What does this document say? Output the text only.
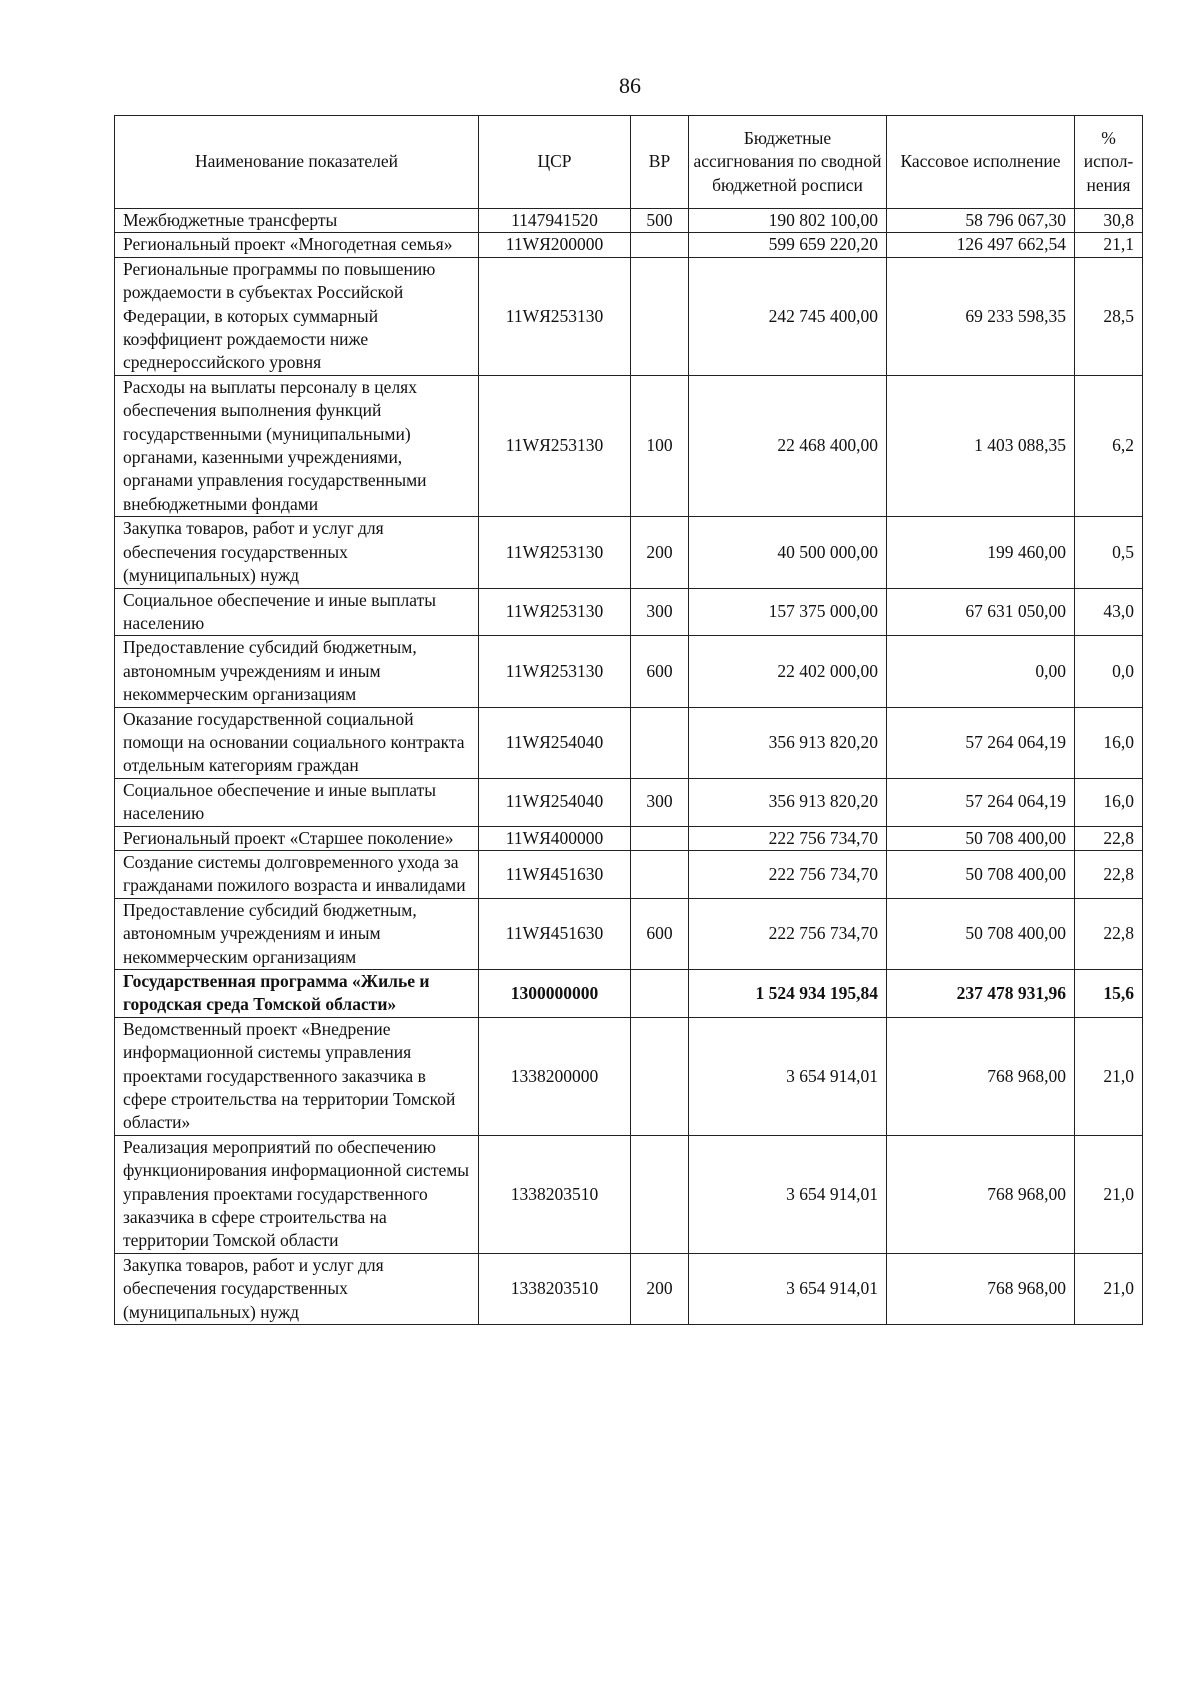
86
Наименование показателей	ЦСР	ВР	Бюджетные ассигнования по сводной бюджетной росписи	Кассовое исполнение	% испол- нения
Межбюджетные трансферты	1147941520	500	190 802 100,00	58 796 067,30	30,8
Региональный проект «Многодетная семья»	11WЯ200000		599 659 220,20	126 497 662,54	21,1
Региональные программы по повышению рождаемости в субъектах Российской Федерации, в которых суммарный коэффициент рождаемости ниже среднероссийского уровня	11WЯ253130		242 745 400,00	69 233 598,35	28,5
Расходы на выплаты персоналу в целях обеспечения выполнения функций государственными (муниципальными) органами, казенными учреждениями, органами управления государственными внебюджетными фондами	11WЯ253130	100	22 468 400,00	1 403 088,35	6,2
Закупка товаров, работ и услуг для обеспечения государственных (муниципальных) нужд	11WЯ253130	200	40 500 000,00	199 460,00	0,5
Социальное обеспечение и иные выплаты населению	11WЯ253130	300	157 375 000,00	67 631 050,00	43,0
Предоставление субсидий бюджетным, автономным учреждениям и иным некоммерческим организациям	11WЯ253130	600	22 402 000,00	0,00	0,0
Оказание государственной социальной помощи на основании социального контракта отдельным категориям граждан	11WЯ254040		356 913 820,20	57 264 064,19	16,0
Социальное обеспечение и иные выплаты населению	11WЯ254040	300	356 913 820,20	57 264 064,19	16,0
Региональный проект «Старшее поколение»	11WЯ400000		222 756 734,70	50 708 400,00	22,8
Создание системы долговременного ухода за гражданами пожилого возраста и инвалидами	11WЯ451630		222 756 734,70	50 708 400,00	22,8
Предоставление субсидий бюджетным, автономным учреждениям и иным некоммерческим организациям	11WЯ451630	600	222 756 734,70	50 708 400,00	22,8
Государственная программа «Жилье и городская среда Томской области»	1300000000		1 524 934 195,84	237 478 931,96	15,6
Ведомственный проект «Внедрение информационной системы управления проектами государственного заказчика в сфере строительства на территории Томской области»	1338200000		3 654 914,01	768 968,00	21,0
Реализация мероприятий по обеспечению функционирования информационной системы управления проектами государственного заказчика в сфере строительства на территории Томской области	1338203510		3 654 914,01	768 968,00	21,0
Закупка товаров, работ и услуг для обеспечения государственных (муниципальных) нужд	1338203510	200	3 654 914,01	768 968,00	21,0
